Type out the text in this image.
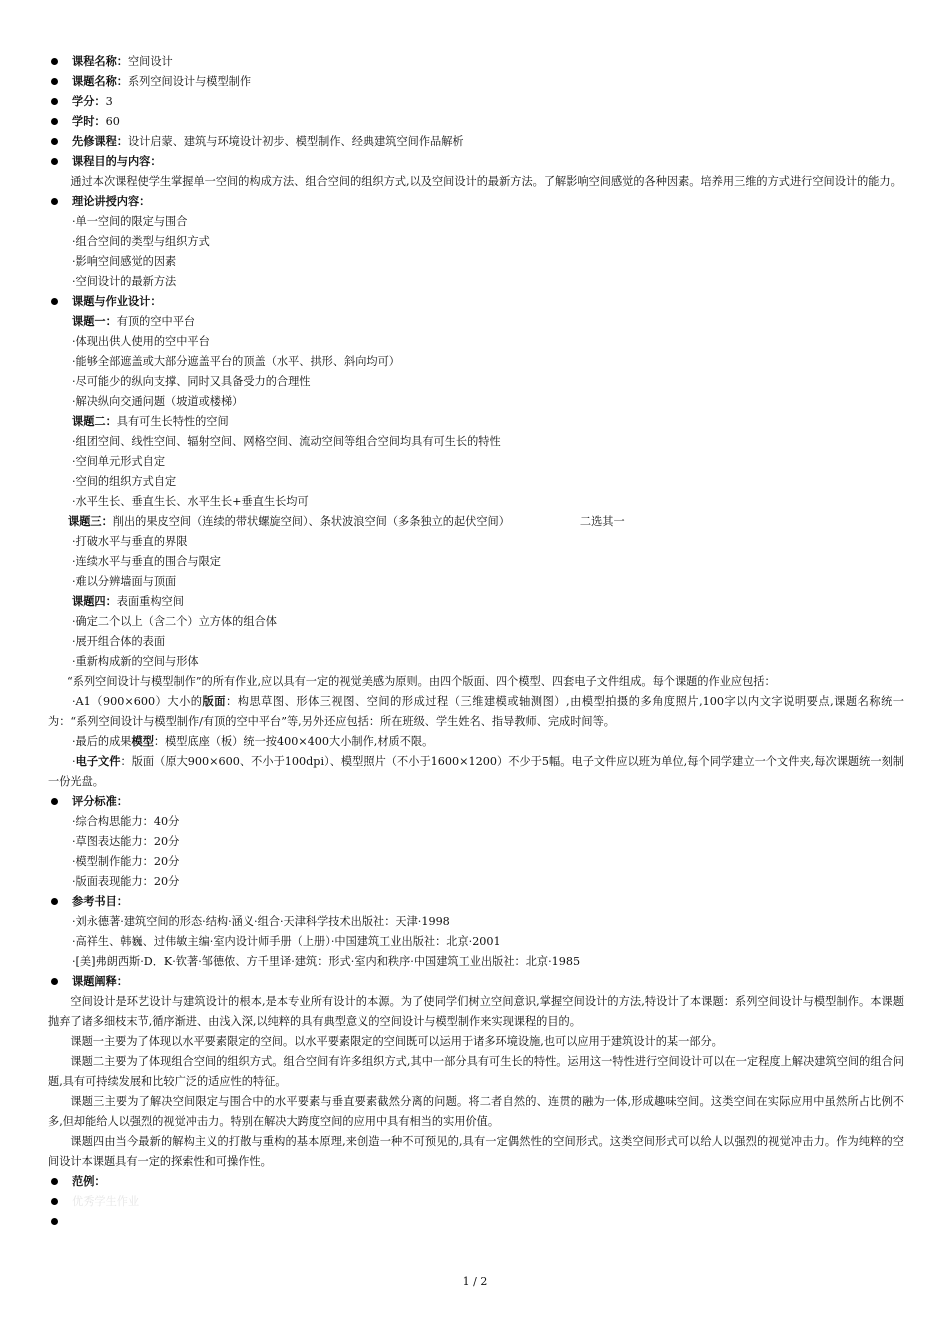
课程名称：空间设计
课题名称：系列空间设计与模型制作
学分：3
学时：60
先修课程：设计启蒙、建筑与环境设计初步、模型制作、经典建筑空间作品解析
课程目的与内容：
通过本次课程使学生掌握单一空间的构成方法、组合空间的组织方式,以及空间设计的最新方法。了解影响空间感觉的各种因素。培养用三维的方式进行空间设计的能力。
理论讲授内容：
·单一空间的限定与围合
·组合空间的类型与组织方式
·影响空间感觉的因素
·空间设计的最新方法
课题与作业设计：
课题一：有顶的空中平台
·体现出供人使用的空中平台
·能够全部遮盖或大部分遮盖平台的顶盖（水平、拱形、斜向均可）
·尽可能少的纵向支撑、同时又具备受力的合理性
·解决纵向交通问题（坡道或楼梯）
课题二：具有可生长特性的空间
·组团空间、线性空间、辐射空间、网格空间、流动空间等组合空间均具有可生长的特性
·空间单元形式自定
·空间的组织方式自定
·水平生长、垂直生长、水平生长+垂直生长均可
课题三：削出的果皮空间（连续的带状螺旋空间）、条状波浪空间（多条独立的起伏空间）	二选其一
·打破水平与垂直的界限
·连续水平与垂直的围合与限定
·难以分辨墙面与顶面
课题四：表面重构空间
·确定二个以上（含二个）立方体的组合体
·展开组合体的表面
·重新构成新的空间与形体
“系列空间设计与模型制作”的所有作业,应以具有一定的视觉美感为原则。由四个版面、四个模型、四套电子文件组成。每个课题的作业应包括：
·A1（900×600）大小的版面：构思草图、形体三视图、空间的形成过程（三维建模或轴测图）,由模型拍摄的多角度照片,100字以内文字说明要点,课题名称统一为：“系列空间设计与模型制作/有顶的空中平台”等,另外还应包括：所在班级、学生姓名、指导教师、完成时间等。
·最后的成果模型：模型底座（板）统一按400×400大小制作,材质不限。
·电子文件：版面（原大900×600、不小于100dpi）、模型照片（不小于1600×1200）不少于5幅。电子文件应以班为单位,每个同学建立一个文件夹,每次课题统一刻制一份光盘。
评分标准：
·综合构思能力：40分
·草图表达能力：20分
·模型制作能力：20分
·版面表现能力：20分
参考书目：
·刘永德著·建筑空间的形态·结构·涵义·组合·天津科学技术出版社：天津·1998
·高祥生、韩巍、过伟敏主编·室内设计师手册（上册）·中国建筑工业出版社：北京·2001
·[美]弗朗西斯·D．K·钦著·邹德侬、方千里译·建筑：形式·室内和秩序·中国建筑工业出版社：北京·1985
课题阐释：
空间设计是环艺设计与建筑设计的根本,是本专业所有设计的本源。为了使同学们树立空间意识,掌握空间设计的方法,特设计了本课题：系列空间设计与模型制作。本课题抛弃了诸多细枝末节,循序渐进、由浅入深,以纯粹的具有典型意义的空间设计与模型制作来实现课程的目的。
课题一主要为了体现以水平要素限定的空间。以水平要素限定的空间既可以运用于诸多环境设施,也可以应用于建筑设计的某一部分。
课题二主要为了体现组合空间的组织方式。组合空间有许多组织方式,其中一部分具有可生长的特性。运用这一特性进行空间设计可以在一定程度上解决建筑空间的组合问题,具有可持续发展和比较广泛的适应性的特征。
课题三主要为了解决空间限定与围合中的水平要素与垂直要素截然分离的问题。将二者自然的、连贯的融为一体,形成趣味空间。这类空间在实际应用中虽然所占比例不多,但却能给人以强烈的视觉冲击力。特别在解决大跨度空间的应用中具有相当的实用价值。
课题四由当今最新的解构主义的打散与重构的基本原理,来创造一种不可预见的,具有一定偶然性的空间形式。这类空间形式可以给人以强烈的视觉冲击力。作为纯粹的空间设计本课题具有一定的探索性和可操作性。
范例：
优秀学生作业
1 / 2
